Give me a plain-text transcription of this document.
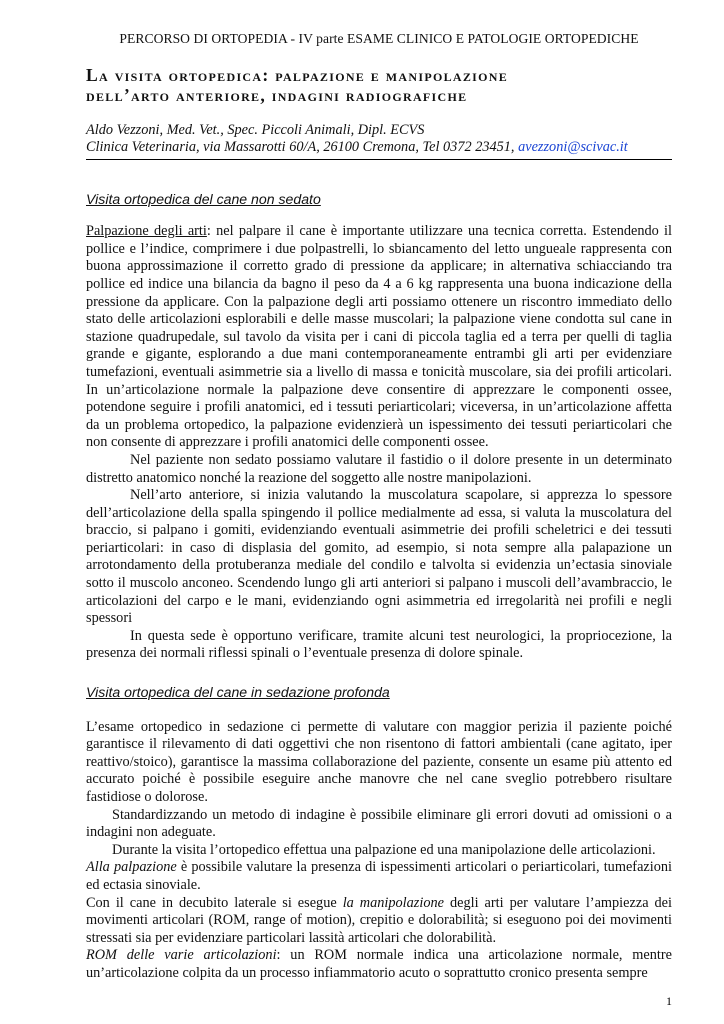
PERCORSO DI ORTOPEDIA - IV parte ESAME CLINICO E PATOLOGIE ORTOPEDICHE
La visita ortopedica: palpazione e manipolazione
dell’arto anteriore, indagini radiografiche
Aldo Vezzoni, Med. Vet., Spec. Piccoli Animali, Dipl. ECVS
Clinica Veterinaria, via Massarotti 60/A, 26100 Cremona, Tel 0372 23451, avezzoni@scivac.it
Visita ortopedica del cane non sedato

Palpazione degli arti: nel palpare il cane è importante utilizzare una tecnica corretta. Estendendo il pollice e l’indice, comprimere i due polpastrelli, lo sbiancamento del letto ungueale rappresenta con buona approssimazione il corretto grado di pressione da applicare; in alternativa schiacciando tra pollice ed indice una bilancia da bagno il peso da 4 a 6 kg rappresenta una buona indicazione della pressione da applicare. Con la palpazione degli arti possiamo ottenere un riscontro immediato dello stato delle articolazioni esplorabili e delle masse muscolari; la palpazione viene condotta sul cane in stazione quadrupedale, sul tavolo da visita per i cani di piccola taglia ed a terra per quelli di taglia grande e gigante, esplorando a due mani contemporaneamente entrambi gli arti per evidenziare tumefazioni, eventuali asimmetrie sia a livello di massa e tonicità muscolare, sia dei profili articolari. In un’articolazione normale la palpazione deve consentire di apprezzare le componenti ossee, potendone seguire i profili anatomici, ed i tessuti periarticolari; viceversa, in un’articolazione affetta da un problema ortopedico, la palpazione evidenzierà un ispessimento dei tessuti periarticolari che non consente di apprezzare i profili anatomici delle componenti ossee.

Nel paziente non sedato possiamo valutare il fastidio o il dolore presente in un determinato distretto anatomico nonché la reazione del soggetto alle nostre manipolazioni.

Nell’arto anteriore, si inizia valutando la muscolatura scapolare, si apprezza lo spessore dell’articolazione della spalla spingendo il pollice medialmente ad essa, si valuta la muscolatura del braccio, si palpano i gomiti, evidenziando eventuali asimmetrie dei profili scheletrici e dei tessuti periarticolari: in caso di displasia del gomito, ad esempio, si nota sempre alla palapazione un arrotondamento della protuberanza mediale del condilo e talvolta si evidenzia un’ectasia sinoviale sotto il muscolo anconeo. Scendendo lungo gli arti anteriori si palpano i muscoli dell’avambraccio, le articolazioni del carpo e le mani, evidenziando ogni asimmetria ed irregolarità nei profili e negli spessori

In questa sede è opportuno verificare, tramite alcuni test neurologici, la propriocezione, la presenza dei normali riflessi spinali o l’eventuale presenza di dolore spinale.

Visita ortopedica del cane in sedazione profonda

L’esame ortopedico in sedazione ci permette di valutare con maggior perizia il paziente poiché garantisce il rilevamento di dati oggettivi che non risentono di fattori ambientali (cane agitato, iper reattivo/stoico), garantisce la massima collaborazione del paziente, consente un esame più attento ed accurato poiché è possibile eseguire anche manovre che nel cane sveglio potrebbero risultare fastidiose o dolorose.

Standardizzando un metodo di indagine è possibile eliminare gli errori dovuti ad omissioni o a indagini non adeguate.

Durante la visita l’ortopedico effettua una palpazione ed una manipolazione delle articolazioni.

Alla palpazione è possibile valutare la presenza di ispessimenti articolari o periarticolari, tumefazioni ed ectasia sinoviale.

Con il cane in decubito laterale si esegue la manipolazione degli arti per valutare l’ampiezza dei movimenti articolari (ROM, range of motion), crepitio e dolorabilità; si eseguono poi dei movimenti stressati sia per evidenziare particolari lassità articolari che dolorabilità.

ROM delle varie articolazioni: un ROM normale indica una articolazione normale, mentre un’articolazione colpita da un processo infiammatorio acuto o soprattutto cronico presenta sempre

1
